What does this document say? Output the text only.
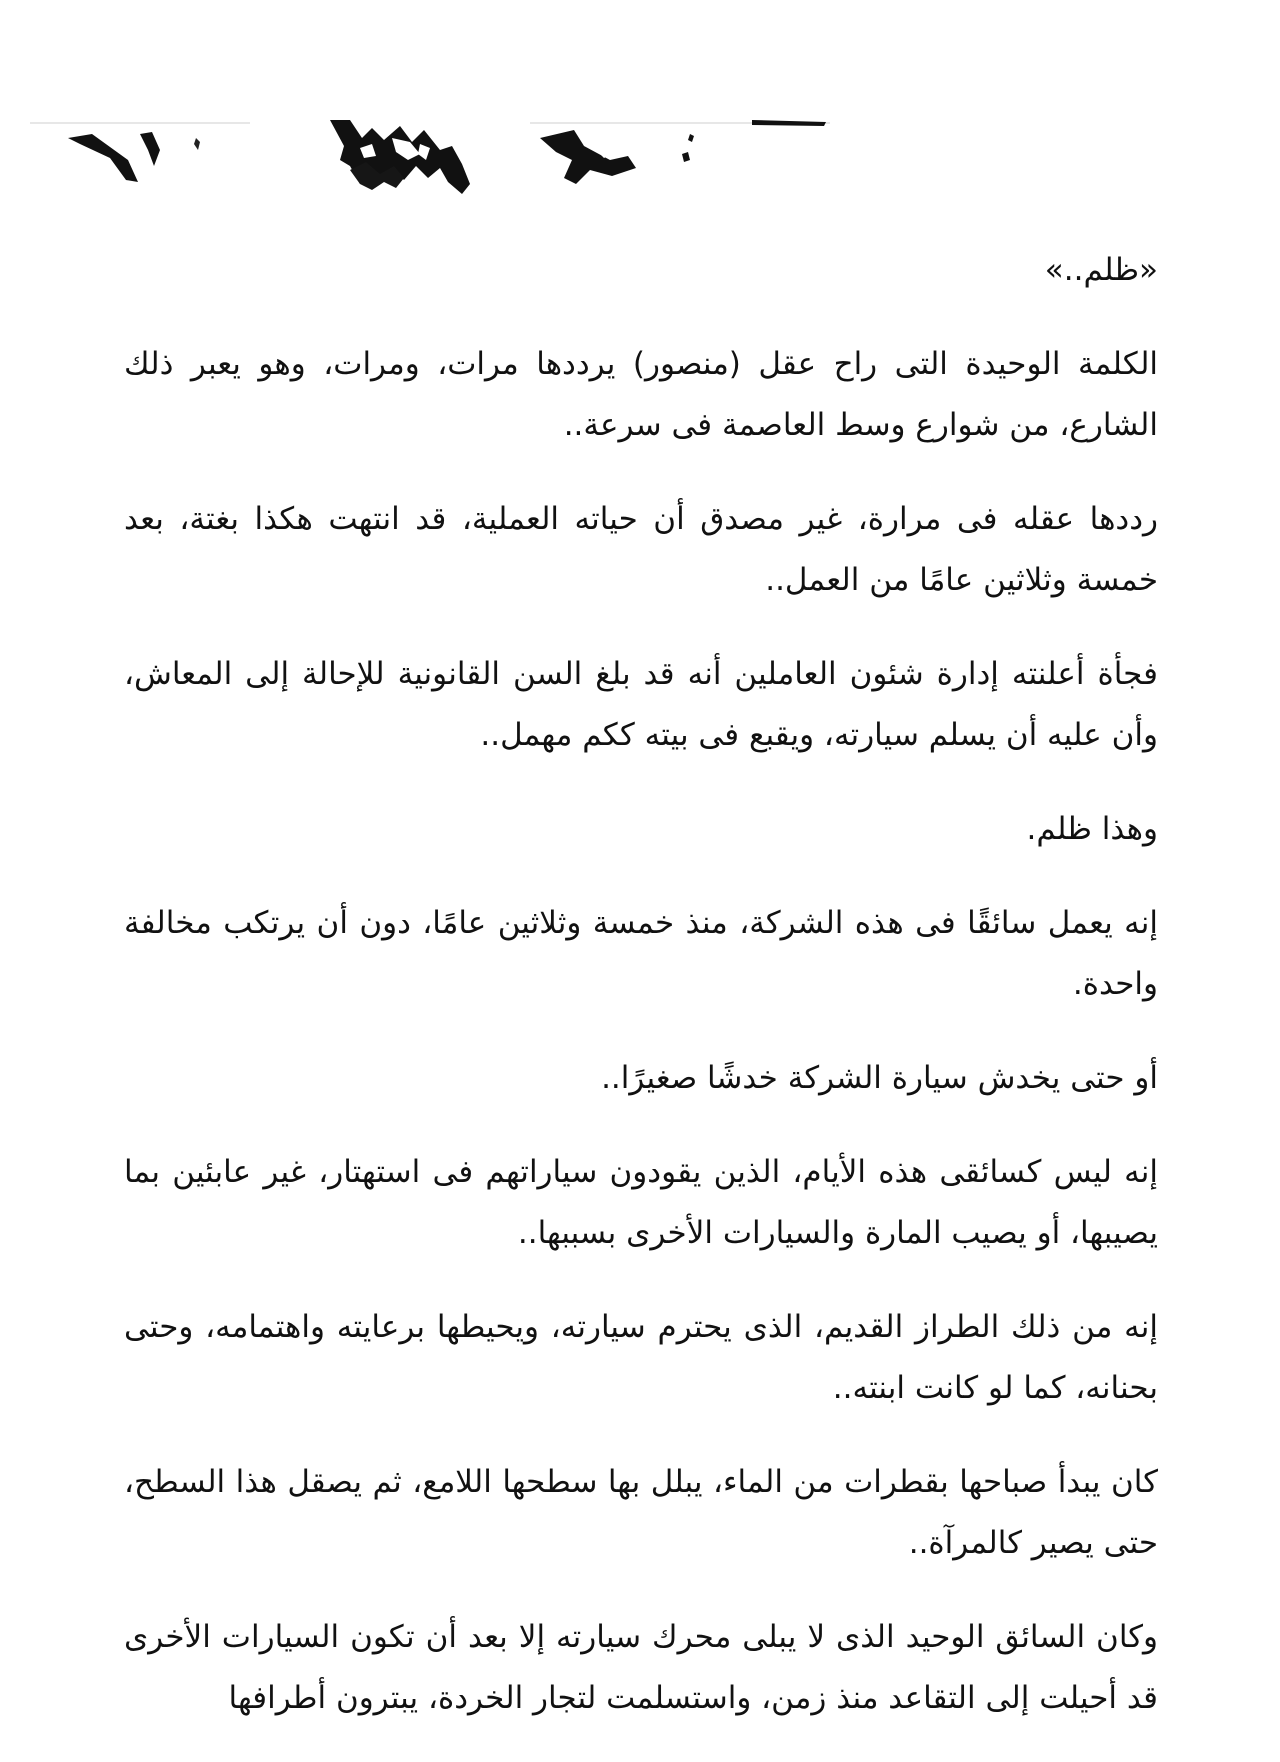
«ظلم..»

الكلمة الوحيدة التى راح عقل (منصور) يرددها مرات، ومرات، وهو يعبر ذلك الشارع، من شوارع وسط العاصمة فى سرعة..

رددها عقله فى مرارة، غير مصدق أن حياته العملية، قد انتهت هكذا بغتة، بعد خمسة وثلاثين عامًا من العمل..

فجأة أعلنته إدارة شئون العاملين أنه قد بلغ السن القانونية للإحالة إلى المعاش، وأن عليه أن يسلم سيارته، ويقبع فى بيته ككم مهمل..

وهذا ظلم.

إنه يعمل سائقًا فى هذه الشركة، منذ خمسة وثلاثين عامًا، دون أن يرتكب مخالفة واحدة.

أو حتى يخدش سيارة الشركة خدشًا صغيرًا..

إنه ليس كسائقى هذه الأيام، الذين يقودون سياراتهم فى استهتار، غير عابئين بما يصيبها، أو يصيب المارة والسيارات الأخرى بسببها..

إنه من ذلك الطراز القديم، الذى يحترم سيارته، ويحيطها برعايته واهتمامه، وحتى بحنانه، كما لو كانت ابنته..

كان يبدأ صباحها بقطرات من الماء، يبلل بها سطحها اللامع، ثم يصقل هذا السطح، حتى يصير كالمرآة..

وكان السائق الوحيد الذى لا يبلى محرك سيارته إلا بعد أن تكون السيارات الأخرى قد أحيلت إلى التقاعد منذ زمن، واستسلمت لتجار الخردة، يبترون أطرافها
